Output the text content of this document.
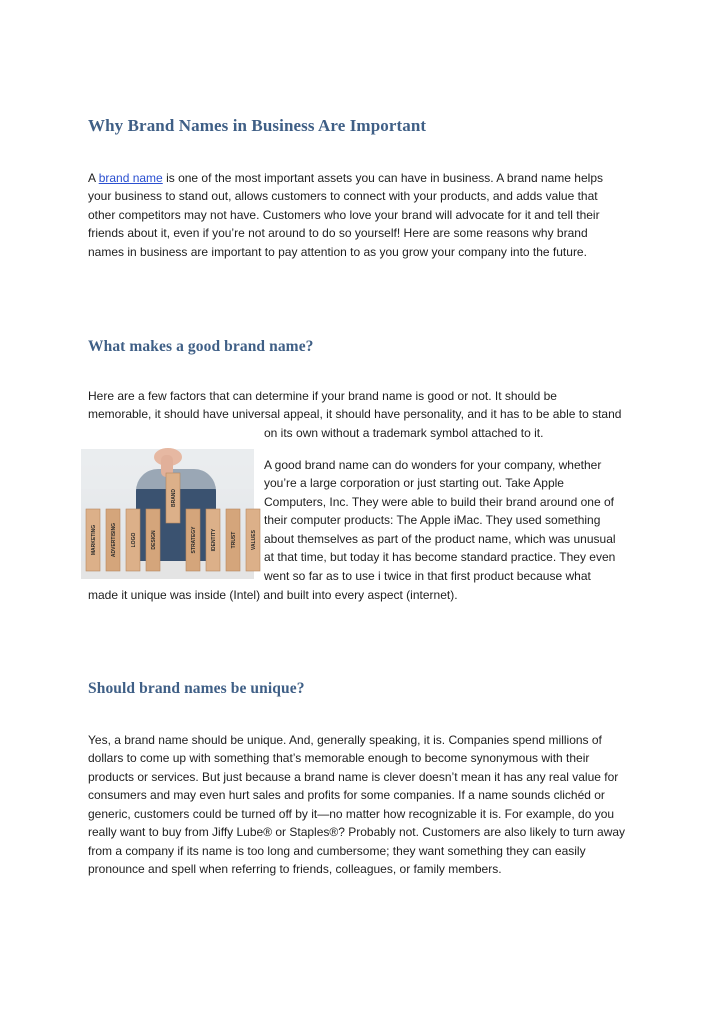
Why Brand Names in Business Are Important
A brand name is one of the most important assets you can have in business. A brand name helps
your business to stand out, allows customers to connect with your products, and adds value that
other competitors may not have. Customers who love your brand will advocate for it and tell their
friends about it, even if you’re not around to do so yourself! Here are some reasons why brand
names in business are important to pay attention to as you grow your company into the future.
What makes a good brand name?
Here are a few factors that can determine if your brand name is good or not. It should be
memorable, it should have universal appeal, it should have personality, and it has to be able to stand
on its own without a trademark symbol attached to it.
MARKETING	ADVERTISING	LOGO	DESIGN
BRAND
STRATEGY	IDENTITY	TRUST	VALUES
A good brand name can do wonders for your company, whether
you’re a large corporation or just starting out. Take Apple
Computers, Inc. They were able to build their brand around one of
their computer products: The Apple iMac. They used something
about themselves as part of the product name, which was unusual
at that time, but today it has become standard practice. They even
went so far as to use i twice in that first product because what
made it unique was inside (Intel) and built into every aspect (internet).
Should brand names be unique?
Yes, a brand name should be unique. And, generally speaking, it is. Companies spend millions of
dollars to come up with something that’s memorable enough to become synonymous with their
products or services. But just because a brand name is clever doesn’t mean it has any real value for
consumers and may even hurt sales and profits for some companies. If a name sounds clichéd or
generic, customers could be turned off by it—no matter how recognizable it is. For example, do you
really want to buy from Jiffy Lube® or Staples®? Probably not. Customers are also likely to turn away
from a company if its name is too long and cumbersome; they want something they can easily
pronounce and spell when referring to friends, colleagues, or family members.
